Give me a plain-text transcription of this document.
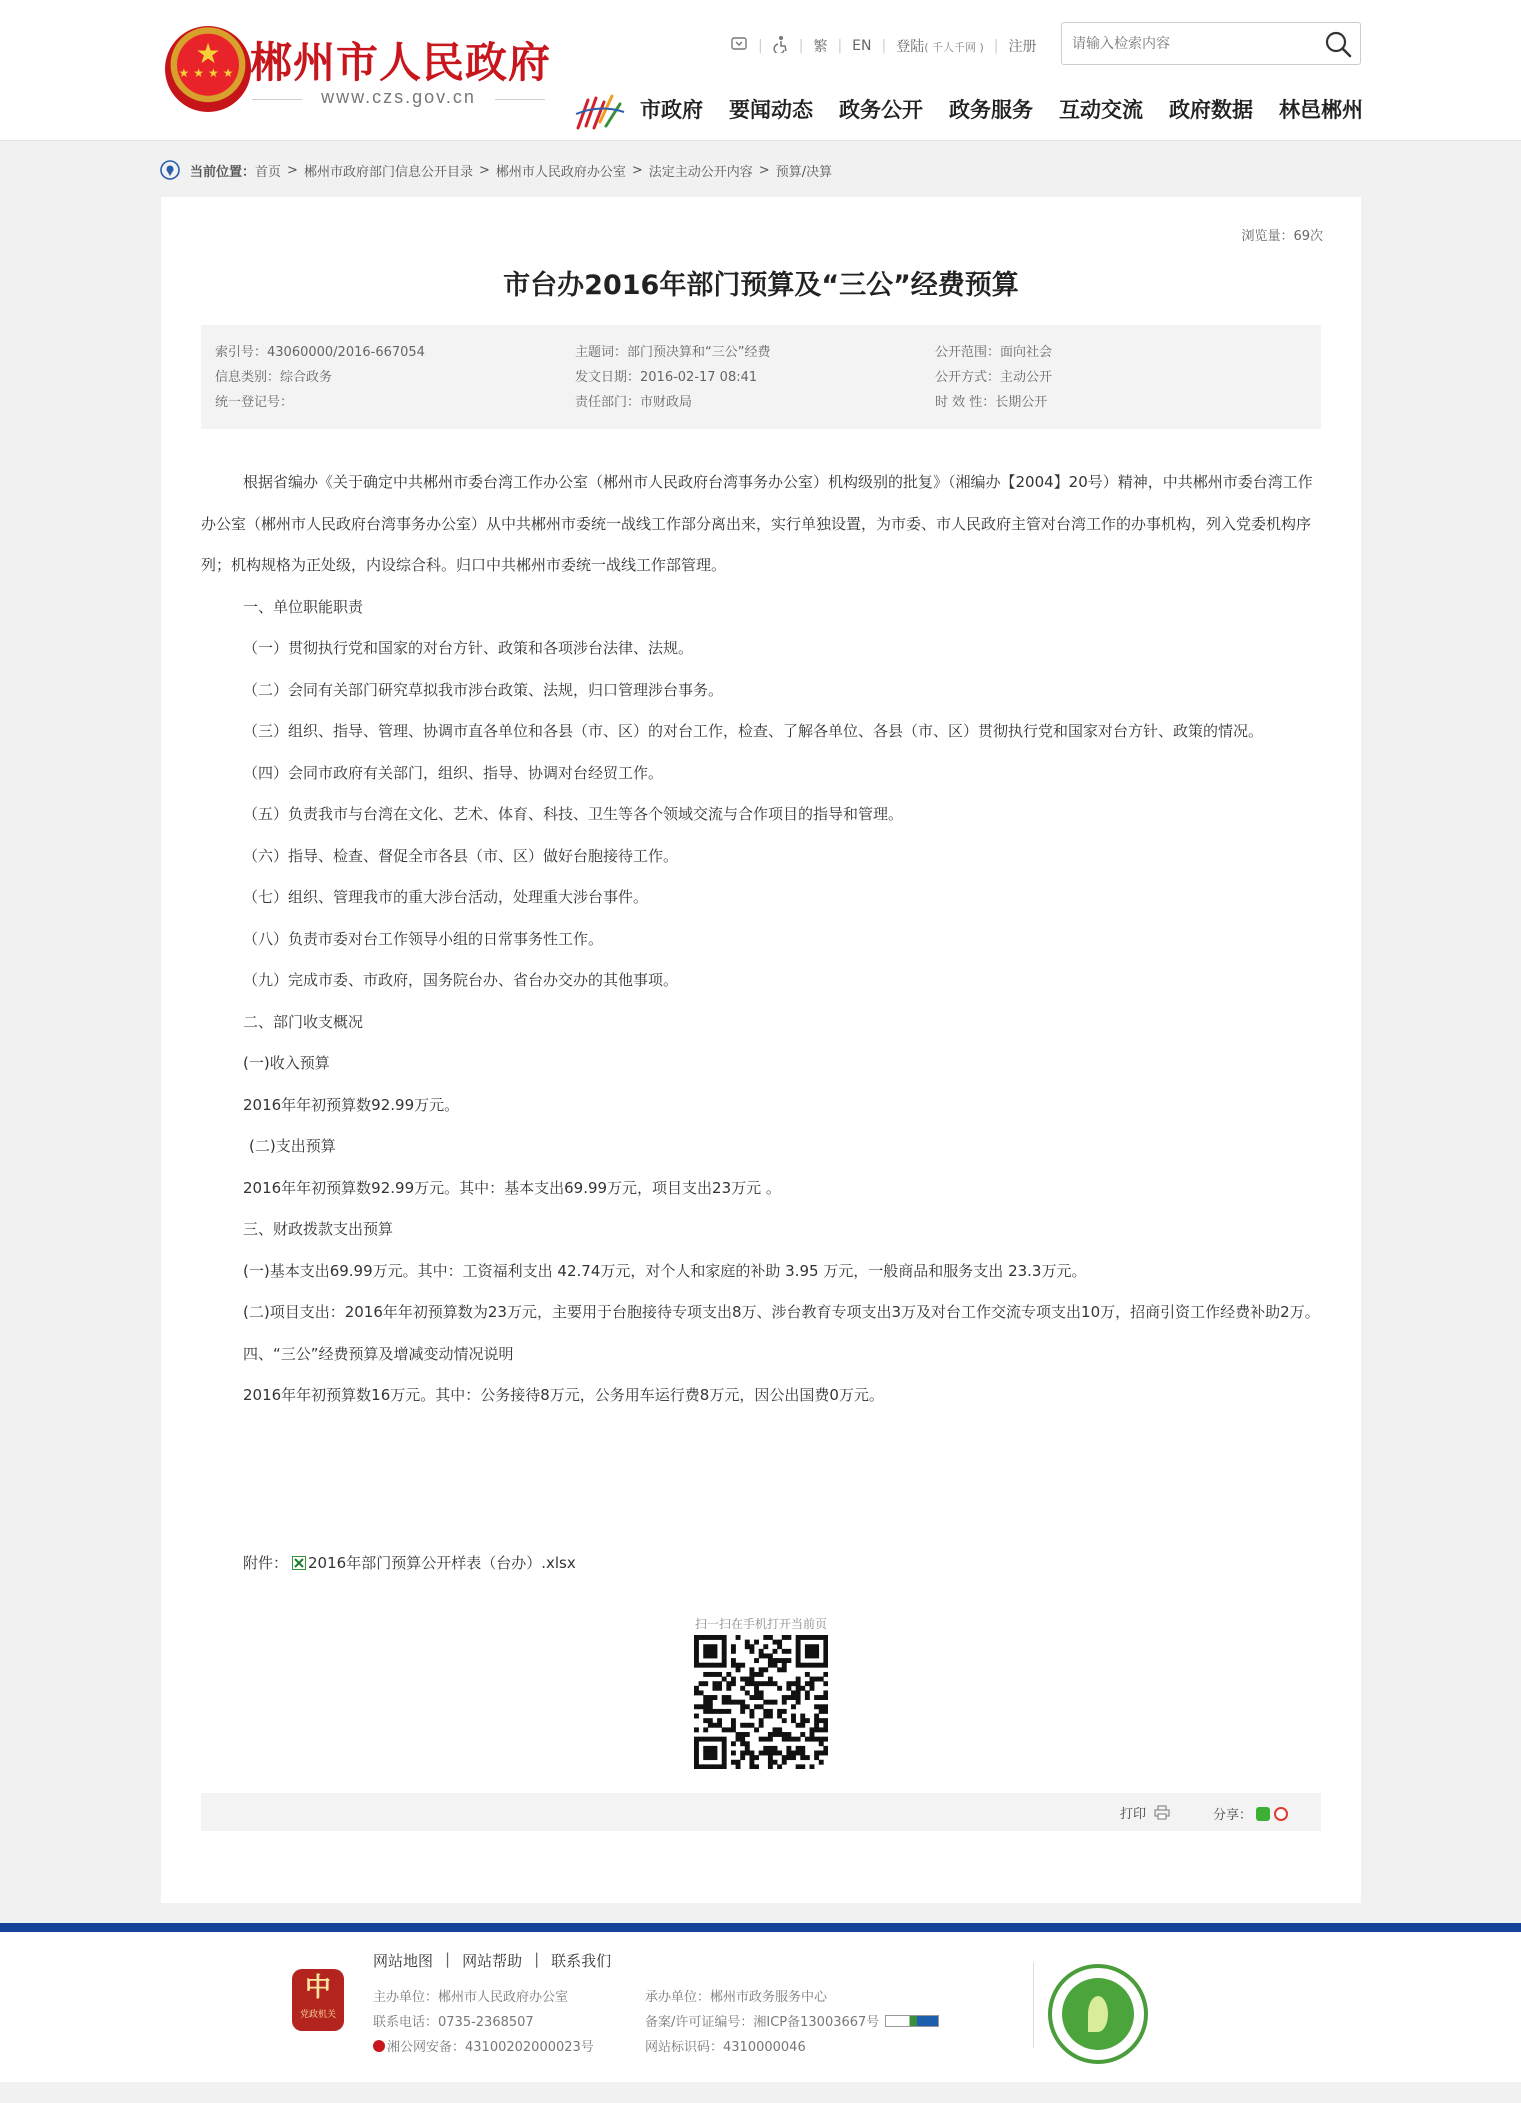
★
★★★★ 郴州市人民政府
www.czs.gov.cn
|	| 繁 | EN | 登陆( 千人千网 ) | 注册
请输入检索内容
市政府 要闻动态 政务公开 政务服务 互动交流 政府数据 林邑郴州
当前位置： 首页 > 郴州市政府部门信息公开目录 > 郴州市人民政府办公室 > 法定主动公开内容 > 预算/决算
浏览量：69次
市台办2016年部门预算及“三公”经费预算
索引号：43060000/2016-667054
信息类别：综合政务
统一登记号：
主题词：部门预决算和“三公”经费
发文日期：2016-02-17 08:41
责任部门：市财政局
公开范围：面向社会
公开方式：主动公开
时 效 性：长期公开

根据省编办《关于确定中共郴州市委台湾工作办公室（郴州市人民政府台湾事务办公室）机构级别的批复》（湘编办【2004】20号）精神，中共郴州市委台湾工作办公室（郴州市人民政府台湾事务办公室）从中共郴州市委统一战线工作部分离出来，实行单独设置，为市委、市人民政府主管对台湾工作的办事机构，列入党委机构序列；机构规格为正处级，内设综合科。归口中共郴州市委统一战线工作部管理。

一、单位职能职责

（一）贯彻执行党和国家的对台方针、政策和各项涉台法律、法规。

（二）会同有关部门研究草拟我市涉台政策、法规，归口管理涉台事务。

（三）组织、指导、管理、协调市直各单位和各县（市、区）的对台工作，检查、了解各单位、各县（市、区）贯彻执行党和国家对台方针、政策的情况。

（四）会同市政府有关部门，组织、指导、协调对台经贸工作。

（五）负责我市与台湾在文化、艺术、体育、科技、卫生等各个领域交流与合作项目的指导和管理。

（六）指导、检查、督促全市各县（市、区）做好台胞接待工作。

（七）组织、管理我市的重大涉台活动，处理重大涉台事件。

（八）负责市委对台工作领导小组的日常事务性工作。

（九）完成市委、市政府，国务院台办、省台办交办的其他事项。

二、部门收支概况

(一)收入预算

2016年年初预算数92.99万元。

(二)支出预算

2016年年初预算数92.99万元。其中：基本支出69.99万元，项目支出23万元 。

三、财政拨款支出预算

(一)基本支出69.99万元。其中：工资福利支出 42.74万元，对个人和家庭的补助 3.95 万元，一般商品和服务支出 23.3万元。

(二)项目支出：2016年年初预算数为23万元，主要用于台胞接待专项支出8万、涉台教育专项支出3万及对台工作交流专项支出10万，招商引资工作经费补助2万。

四、“三公”经费预算及增减变动情况说明

2016年年初预算数16万元。其中：公务接待8万元，公务用车运行费8万元，因公出国费0万元。

附件： 2016年部门预算公开样表（台办）.xlsx
扫一扫在手机打开当前页
打印	分享：
中
党政机关
网站地图 | 网站帮助 | 联系我们
主办单位：郴州市人民政府办公室
联系电话：0735-2368507
湘公网安备：43100202000023号
承办单位：郴州市政务服务中心
备案/许可证编号：湘ICP备13003667号
网站标识码：4310000046
